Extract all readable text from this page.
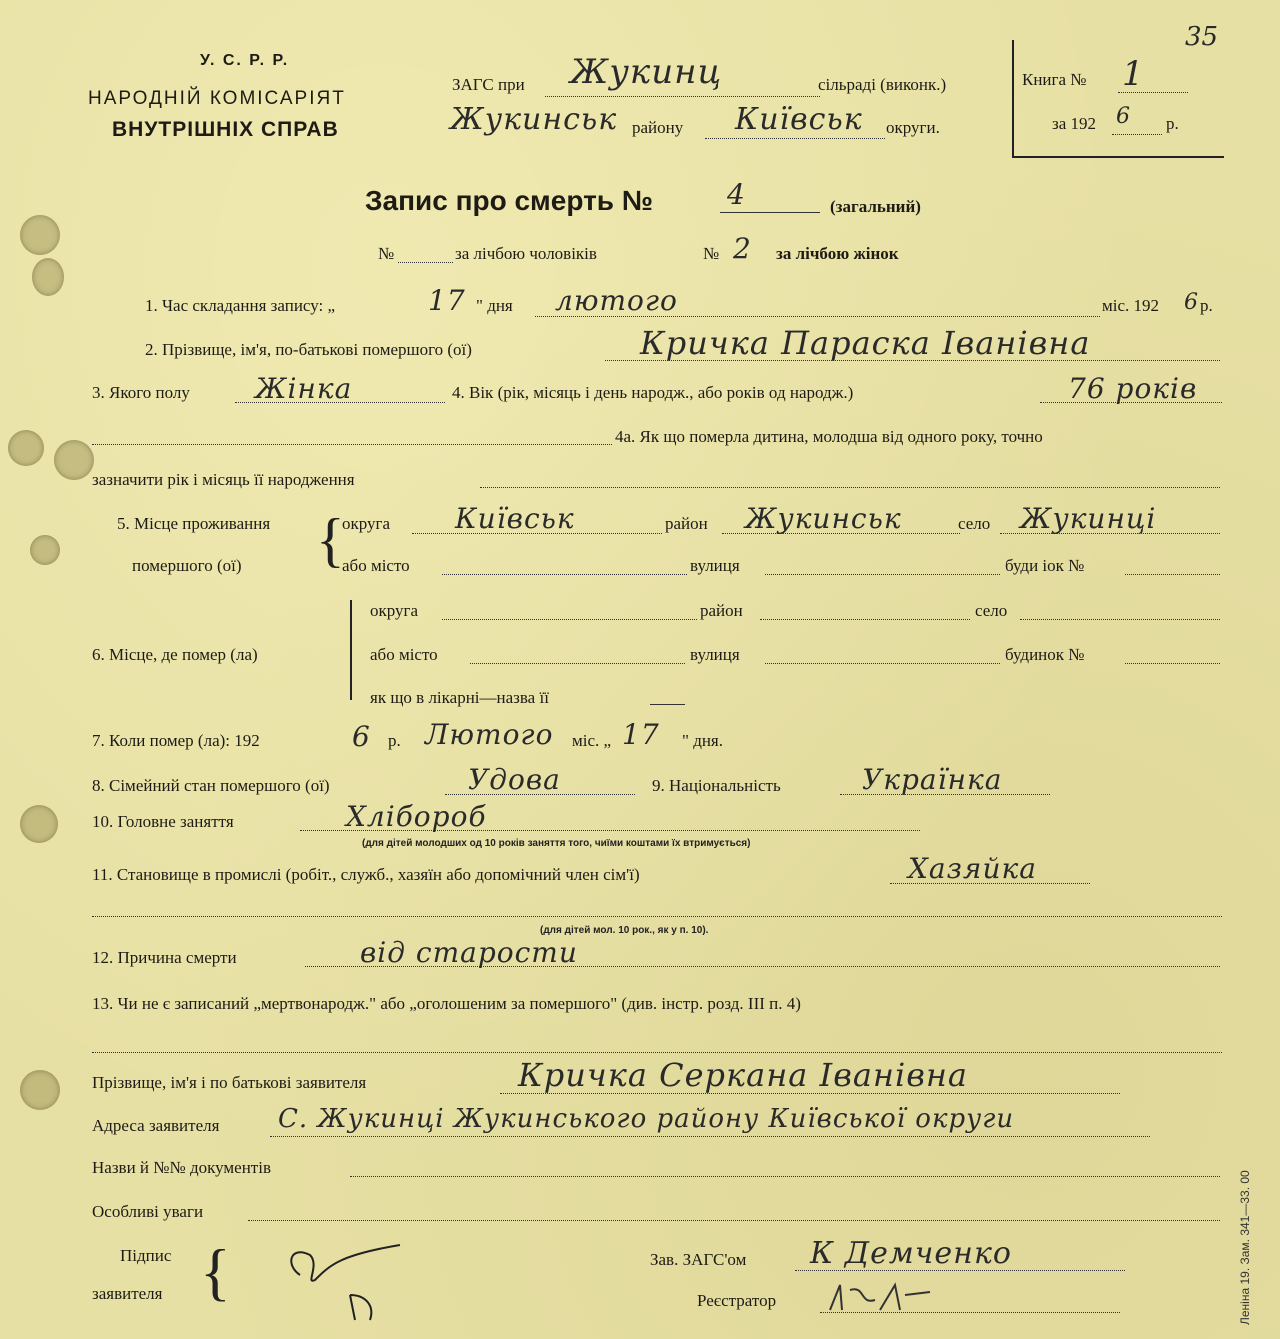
35
У. С. Р. Р.
НАРОДНІЙ КОМІСАРІЯТ
ВНУТРІШНІХ СПРАВ
ЗАГС при Жукинц	сільраді (виконк.)
Жукинськ району Київськ округи.
Книга № 1
за 192 6 р.
Запис про смерть №	4	(загальний)
№	за лічбою чоловіків	№ 2 за лічбою жінок
1. Час складання запису: „	17 " дня лютого	міс. 192 6 р.
2. Прізвище, ім'я, по-батькові помершого (ої)	Кричка Параска Іванівна
3. Якого полу Жінка	4. Вік (рік, місяць і день народж., або років од народж.)	76 років
4а. Як що померла дитина, молодша від одного року, точно
зазначити рік і місяць її народження
5. Місце проживання
помершого (ої) {
округа Київськ	район Жукинськ	село Жукинці
або місто	вулиця	буди іок №
6. Місце, де помер (ла)
округа	район	село
або місто	вулиця	будинок №
як що в лікарні—назва її
7. Коли помер (ла): 192	6 р. Лютого міс. „ 17 " дня.
8. Сімейний стан помершого (ої)	Удова	9. Національність	Українка
10. Головне заняття	Хлібороб
(для дітей молодших од 10 років заняття того, чиїми коштами їх втримується)
11. Становище в промислі (робіт., служб., хазяїн або допомічний член сім'ї)	Хазяйка
(для дітей мол. 10 рок., як у п. 10).
12. Причина смерти	від старости
13. Чи не є записаний „мертвонародж." або „оголошеним за помершого" (див. інстр. розд. III п. 4)
Прізвище, ім'я і по батькові заявителя	Кричка Серкана Іванівна
Адреса заявителя С. Жукинці Жукинського району Київської округи
Назви й №№ документів
Особливі уваги
Підпис
заявителя {	Зав. ЗАГС'ом К Демченко
Реєстратор	Леніна 19. Зам. 341—33. 00
